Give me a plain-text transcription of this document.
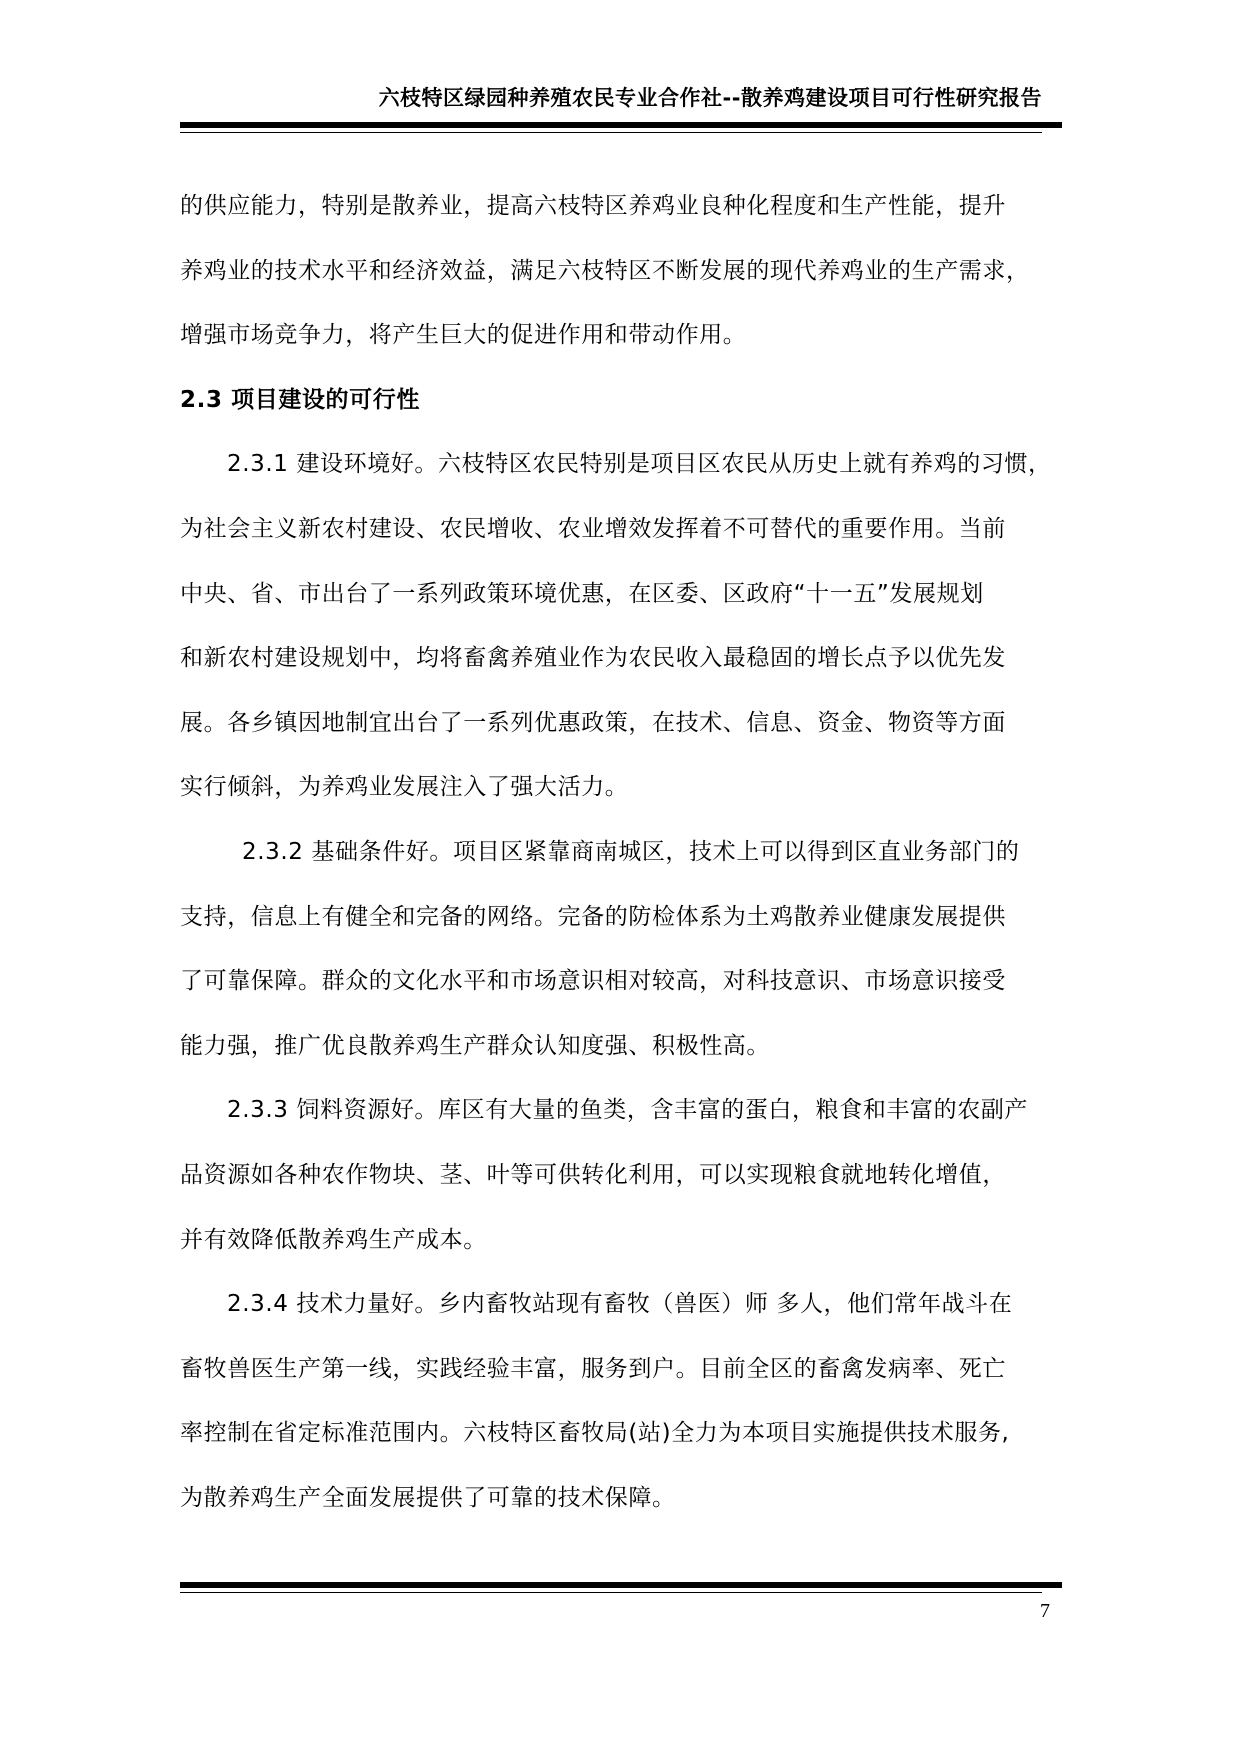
六枝特区绿园种养殖农民专业合作社--散养鸡建设项目可行性研究报告
的供应能力，特别是散养业，提高六枝特区养鸡业良种化程度和生产性能，提升
养鸡业的技术水平和经济效益，满足六枝特区不断发展的现代养鸡业的生产需求，
增强市场竞争力，将产生巨大的促进作用和带动作用。
2.3 项目建设的可行性
2.3.1 建设环境好。六枝特区农民特别是项目区农民从历史上就有养鸡的习惯，
为社会主义新农村建设、农民增收、农业增效发挥着不可替代的重要作用。当前
中央、省、市出台了一系列政策环境优惠，在区委、区政府“十一五”发展规划
和新农村建设规划中，均将畜禽养殖业作为农民收入最稳固的增长点予以优先发
展。各乡镇因地制宜出台了一系列优惠政策，在技术、信息、资金、物资等方面
实行倾斜，为养鸡业发展注入了强大活力。
2.3.2 基础条件好。项目区紧靠商南城区，技术上可以得到区直业务部门的
支持，信息上有健全和完备的网络。完备的防检体系为土鸡散养业健康发展提供
了可靠保障。群众的文化水平和市场意识相对较高，对科技意识、市场意识接受
能力强，推广优良散养鸡生产群众认知度强、积极性高。
2.3.3 饲料资源好。库区有大量的鱼类，含丰富的蛋白，粮食和丰富的农副产
品资源如各种农作物块、茎、叶等可供转化利用，可以实现粮食就地转化增值，
并有效降低散养鸡生产成本。
2.3.4 技术力量好。乡内畜牧站现有畜牧（兽医）师 多人，他们常年战斗在
畜牧兽医生产第一线，实践经验丰富，服务到户。目前全区的畜禽发病率、死亡
率控制在省定标准范围内。六枝特区畜牧局(站)全力为本项目实施提供技术服务,
为散养鸡生产全面发展提供了可靠的技术保障。
7
